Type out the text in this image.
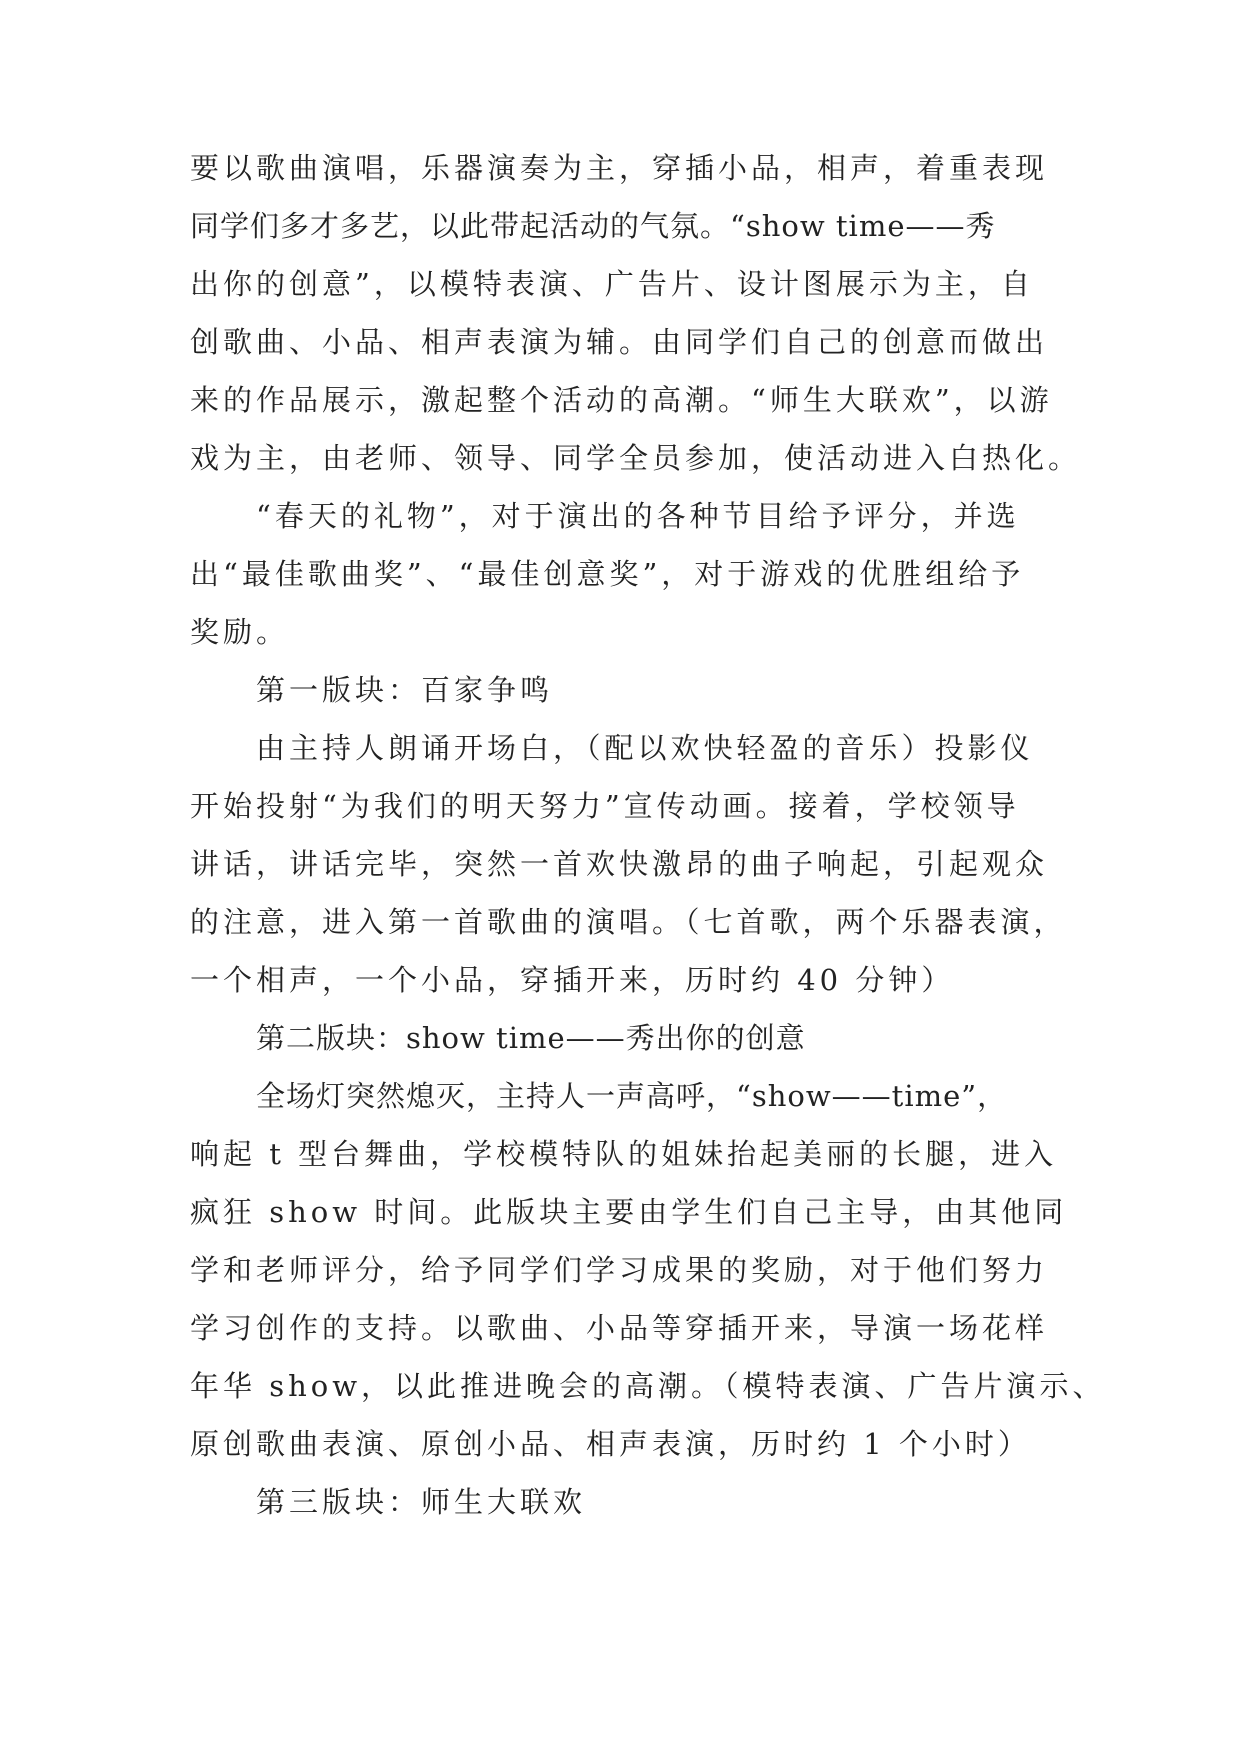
要以歌曲演唱，乐器演奏为主，穿插小品，相声，着重表现
同学们多才多艺，以此带起活动的气氛。“show time——秀
出你的创意”，以模特表演、广告片、设计图展示为主，自
创歌曲、小品、相声表演为辅。由同学们自己的创意而做出
来的作品展示，激起整个活动的高潮。“师生大联欢”，以游
戏为主，由老师、领导、同学全员参加，使活动进入白热化。
“春天的礼物”，对于演出的各种节目给予评分，并选
出“最佳歌曲奖”、“最佳创意奖”，对于游戏的优胜组给予
奖励。
第一版块：百家争鸣
由主持人朗诵开场白，（配以欢快轻盈的音乐）投影仪
开始投射“为我们的明天努力”宣传动画。接着，学校领导
讲话，讲话完毕，突然一首欢快激昂的曲子响起，引起观众
的注意，进入第一首歌曲的演唱。（七首歌，两个乐器表演，
一个相声，一个小品，穿插开来，历时约 40 分钟）
第二版块：show time——秀出你的创意
全场灯突然熄灭，主持人一声高呼，“show——time”，
响起 t 型台舞曲，学校模特队的姐妹抬起美丽的长腿，进入
疯狂 show 时间。此版块主要由学生们自己主导，由其他同
学和老师评分，给予同学们学习成果的奖励，对于他们努力
学习创作的支持。以歌曲、小品等穿插开来，导演一场花样
年华 show，以此推进晚会的高潮。（模特表演、广告片演示、
原创歌曲表演、原创小品、相声表演，历时约 1 个小时）
第三版块：师生大联欢
